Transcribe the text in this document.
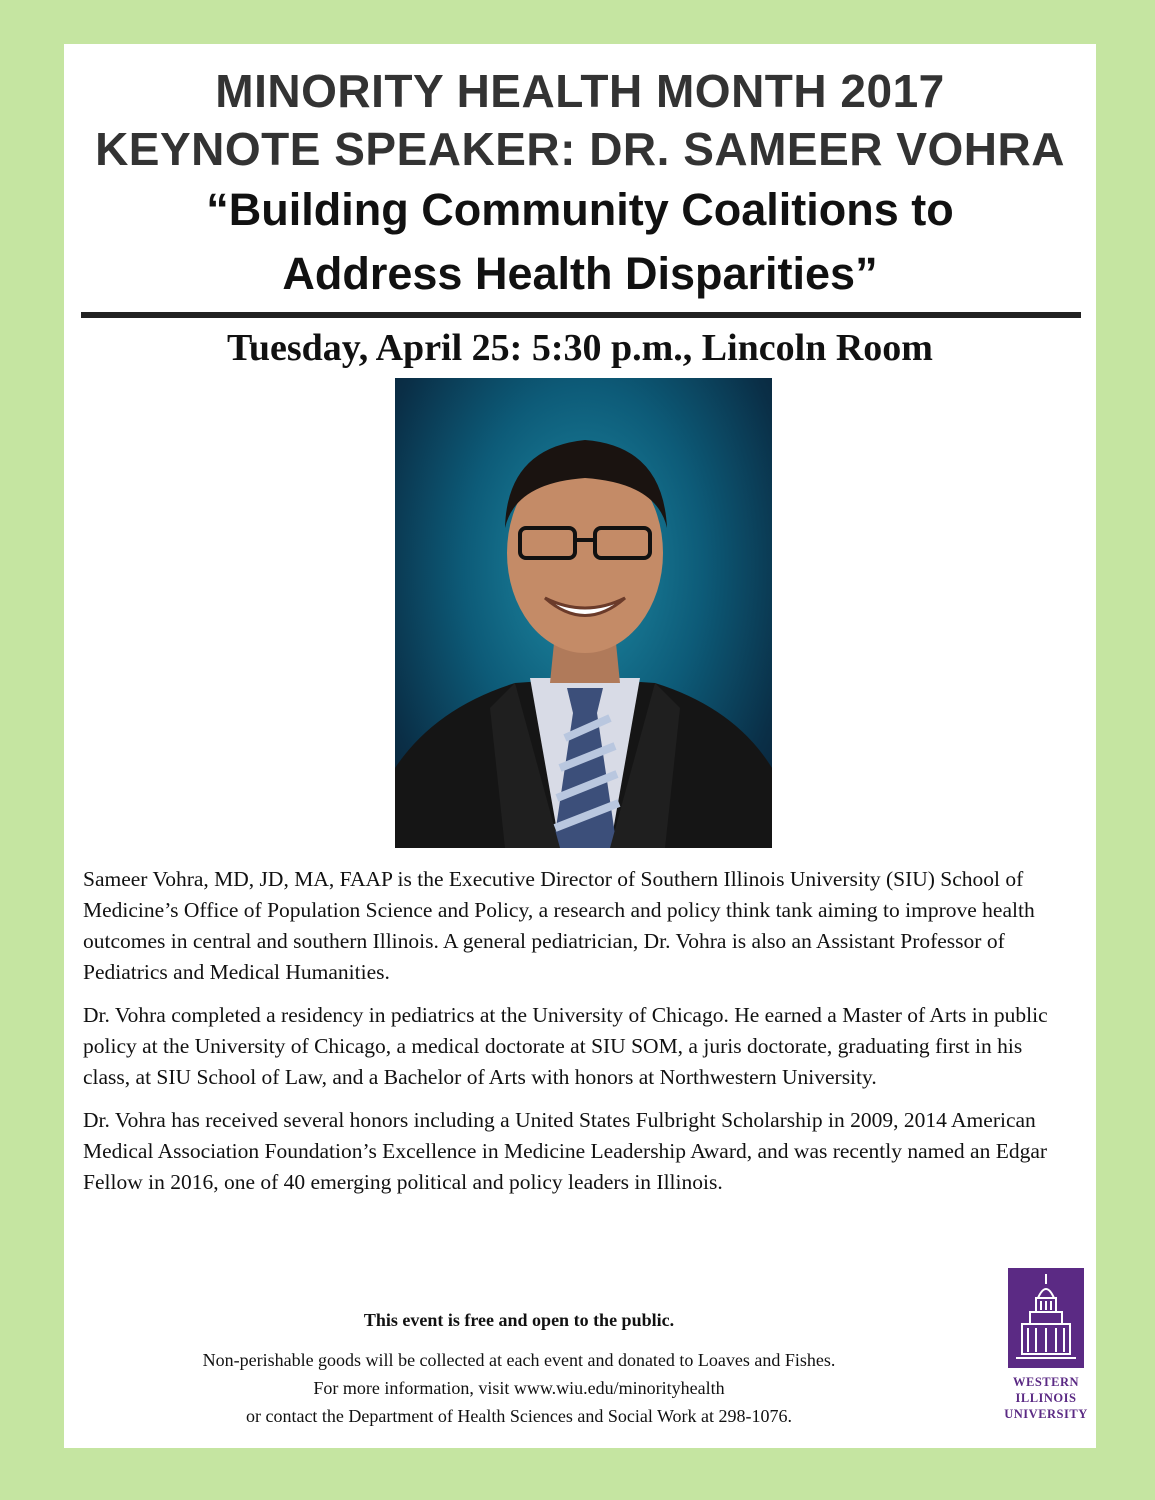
MINORITY HEALTH MONTH 2017
KEYNOTE SPEAKER: DR. SAMEER VOHRA
“Building Community Coalitions to
Address Health Disparities”
Tuesday, April 25: 5:30 p.m., Lincoln Room

Sameer Vohra, MD, JD, MA, FAAP is the Executive Director of Southern Illinois University (SIU) School of Medicine’s Office of Population Science and Policy, a research and policy think tank aiming to improve health outcomes in central and southern Illinois. A general pediatrician, Dr. Vohra is also an Assistant Professor of Pediatrics and Medical Humanities.

Dr. Vohra completed a residency in pediatrics at the University of Chicago. He earned a Master of Arts in public policy at the University of Chicago, a medical doctorate at SIU SOM, a juris doctorate, graduating first in his class, at SIU School of Law, and a Bachelor of Arts with honors at Northwestern University.

Dr. Vohra has received several honors including a United States Fulbright Scholarship in 2009, 2014 American Medical Association Foundation’s Excellence in Medicine Leadership Award, and was recently named an Edgar Fellow in 2016, one of 40 emerging political and policy leaders in Illinois.

This event is free and open to the public.
Non-perishable goods will be collected at each event and donated to Loaves and Fishes.
For more information, visit www.wiu.edu/minorityhealth
or contact the Department of Health Sciences and Social Work at 298-1076.
WESTERN
ILLINOIS
UNIVERSITY
